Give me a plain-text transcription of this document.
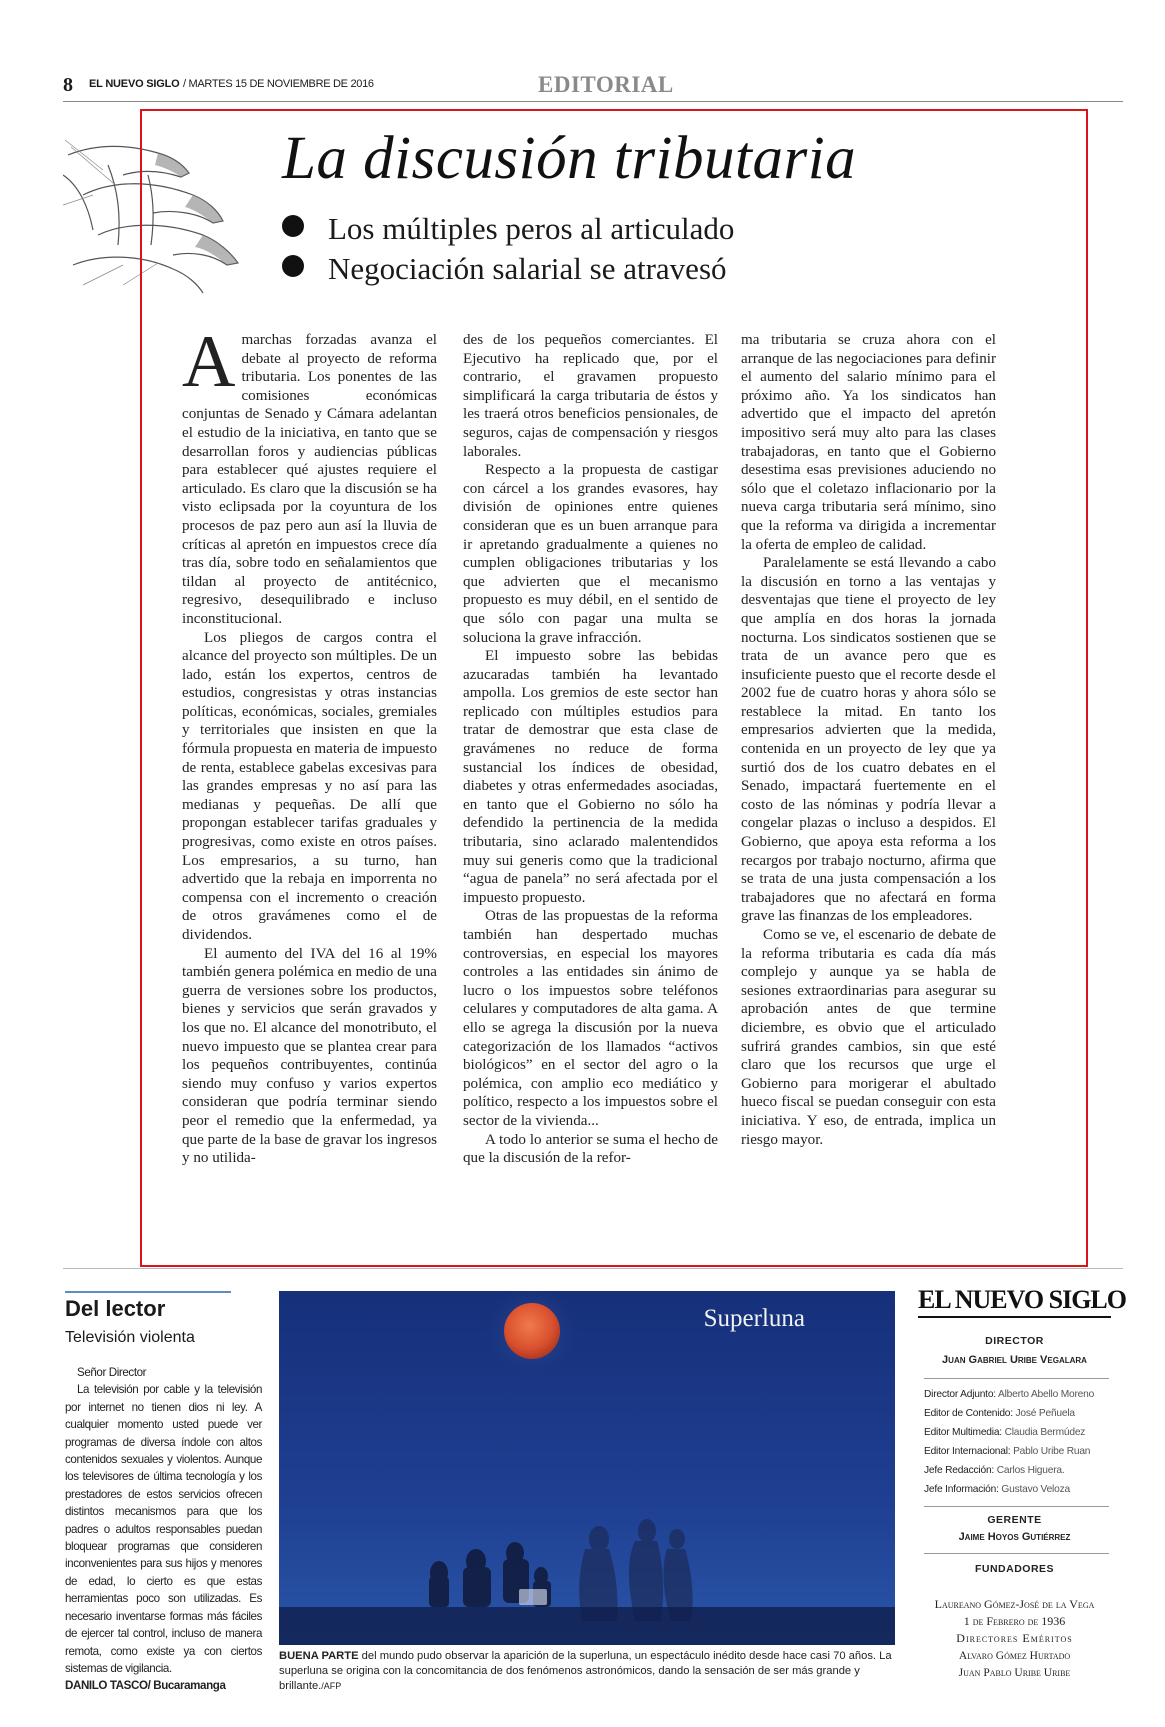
8 EL NUEVO SIGLO / MARTES 15 DE NOVIEMBRE DE 2016	EDITORIAL
La discusión tributaria
Los múltiples peros al articulado
Negociación salarial se atravesó

Amarchas forzadas avanza el debate al proyecto de reforma tributaria. Los ponentes de las comisiones económicas conjuntas de Senado y Cámara adelantan el estudio de la iniciativa, en tanto que se desarrollan foros y audiencias públicas para establecer qué ajustes requiere el articulado. Es claro que la discusión se ha visto eclipsada por la coyuntura de los procesos de paz pero aun así la lluvia de críticas al apretón en impuestos crece día tras día, sobre todo en señalamientos que tildan al proyecto de antitécnico, regresivo, desequilibrado e incluso inconstitucional.

Los pliegos de cargos contra el alcance del proyecto son múltiples. De un lado, están los expertos, centros de estudios, congresistas y otras instancias políticas, económicas, sociales, gremiales y territoriales que insisten en que la fórmula propuesta en materia de impuesto de renta, establece gabelas excesivas para las grandes empresas y no así para las medianas y pequeñas. De allí que propongan establecer tarifas graduales y progresivas, como existe en otros países. Los empresarios, a su turno, han advertido que la rebaja en imporrenta no compensa con el incremento o creación de otros gravámenes como el de dividendos.

El aumento del IVA del 16 al 19% también genera polémica en medio de una guerra de versiones sobre los productos, bienes y servicios que serán gravados y los que no. El alcance del monotributo, el nuevo impuesto que se plantea crear para los pequeños contribuyentes, continúa siendo muy confuso y varios expertos consideran que podría terminar siendo peor el remedio que la enfermedad, ya que parte de la base de gravar los ingresos y no utilida-

des de los pequeños comerciantes. El Ejecutivo ha replicado que, por el contrario, el gravamen propuesto simplificará la carga tributaria de éstos y les traerá otros beneficios pensionales, de seguros, cajas de compensación y riesgos laborales.

Respecto a la propuesta de castigar con cárcel a los grandes evasores, hay división de opiniones entre quienes consideran que es un buen arranque para ir apretando gradualmente a quienes no cumplen obligaciones tributarias y los que advierten que el mecanismo propuesto es muy débil, en el sentido de que sólo con pagar una multa se soluciona la grave infracción.

El impuesto sobre las bebidas azucaradas también ha levantado ampolla. Los gremios de este sector han replicado con múltiples estudios para tratar de demostrar que esta clase de gravámenes no reduce de forma sustancial los índices de obesidad, diabetes y otras enfermedades asociadas, en tanto que el Gobierno no sólo ha defendido la pertinencia de la medida tributaria, sino aclarado malentendidos muy sui generis como que la tradicional “agua de panela” no será afectada por el impuesto propuesto.

Otras de las propuestas de la reforma también han despertado muchas controversias, en especial los mayores controles a las entidades sin ánimo de lucro o los impuestos sobre teléfonos celulares y computadores de alta gama. A ello se agrega la discusión por la nueva categorización de los llamados “activos biológicos” en el sector del agro o la polémica, con amplio eco mediático y político, respecto a los impuestos sobre el sector de la vivienda...

A todo lo anterior se suma el hecho de que la discusión de la refor-

ma tributaria se cruza ahora con el arranque de las negociaciones para definir el aumento del salario mínimo para el próximo año. Ya los sindicatos han advertido que el impacto del apretón impositivo será muy alto para las clases trabajadoras, en tanto que el Gobierno desestima esas previsiones aduciendo no sólo que el coletazo inflacionario por la nueva carga tributaria será mínimo, sino que la reforma va dirigida a incrementar la oferta de empleo de calidad.

Paralelamente se está llevando a cabo la discusión en torno a las ventajas y desventajas que tiene el proyecto de ley que amplía en dos horas la jornada nocturna. Los sindicatos sostienen que se trata de un avance pero que es insuficiente puesto que el recorte desde el 2002 fue de cuatro horas y ahora sólo se restablece la mitad. En tanto los empresarios advierten que la medida, contenida en un proyecto de ley que ya surtió dos de los cuatro debates en el Senado, impactará fuertemente en el costo de las nóminas y podría llevar a congelar plazas o incluso a despidos. El Gobierno, que apoya esta reforma a los recargos por trabajo nocturno, afirma que se trata de una justa compensación a los trabajadores que no afectará en forma grave las finanzas de los empleadores.

Como se ve, el escenario de debate de la reforma tributaria es cada día más complejo y aunque ya se habla de sesiones extraordinarias para asegurar su aprobación antes de que termine diciembre, es obvio que el articulado sufrirá grandes cambios, sin que esté claro que los recursos que urge el Gobierno para morigerar el abultado hueco fiscal se puedan conseguir con esta iniciativa. Y eso, de entrada, implica un riesgo mayor.

Del lector
Televisión violenta

Señor Director

La televisión por cable y la televisión por internet no tienen dios ni ley. A cualquier momento usted puede ver programas de diversa índole con altos contenidos sexuales y violentos. Aunque los televisores de última tecnología y los prestadores de estos servicios ofrecen distintos mecanismos para que los padres o adultos responsables puedan bloquear programas que consideren inconvenientes para sus hijos y menores de edad, lo cierto es que estas herramientas poco son utilizadas. Es necesario inventarse formas más fáciles de ejercer tal control, incluso de manera remota, como existe ya con ciertos sistemas de vigilancia.

DANILO TASCO/ Bucaramanga

Superluna
BUENA PARTE del mundo pudo observar la aparición de la superluna, un espectáculo inédito desde hace casi 70 años. La superluna se origina con la concomitancia de dos fenómenos astronómicos, dando la sensación de ser más grande y brillante./AFP
EL NUEVO SIGLO
DIRECTOR
Juan Gabriel Uribe Vegalara
Director Adjunto: Alberto Abello Moreno
Editor de Contenido: José Peñuela
Editor Multimedia: Claudia Bermúdez
Editor Internacional: Pablo Uribe Ruan
Jefe Redacción: Carlos Higuera.
Jefe Información: Gustavo Veloza
GERENTE
Jaime Hoyos Gutiérrez
FUNDADORES
Laureano Gómez-José de la Vega
1 de Febrero de 1936
Directores Eméritos
Alvaro Gómez Hurtado
Juan Pablo Uribe Uribe
